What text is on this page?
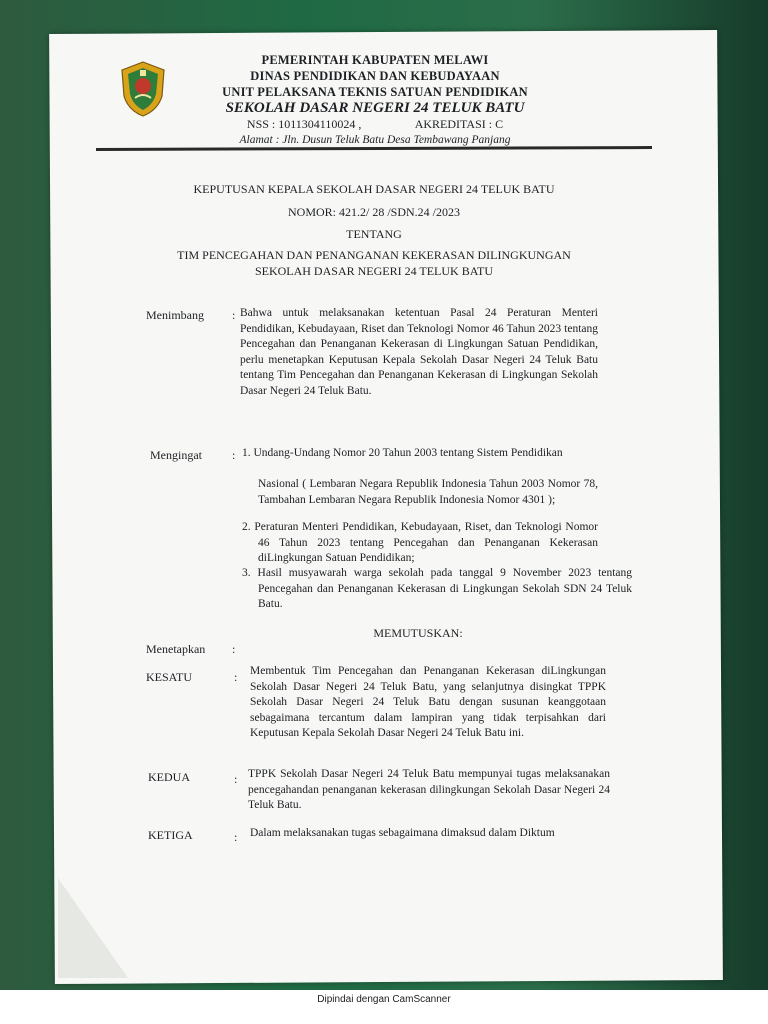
PEMERINTAH KABUPATEN MELAWI
DINAS PENDIDIKAN DAN KEBUDAYAAN
UNIT PELAKSANA TEKNIS SATUAN PENDIDIKAN
SEKOLAH DASAR NEGERI 24 TELUK BATU
NSS : 1011304110024 ,	AKREDITASI : C
Alamat : Jln. Dusun Teluk Batu Desa Tembawang Panjang
KEPUTUSAN KEPALA SEKOLAH DASAR NEGERI 24 TELUK BATU
NOMOR: 421.2/ 28 /SDN.24 /2023
TENTANG
TIM PENCEGAHAN DAN PENANGANAN KEKERASAN DILINGKUNGAN
SEKOLAH DASAR NEGERI 24 TELUK BATU
Menimbang : Bahwa untuk melaksanakan ketentuan Pasal 24 Peraturan Menteri Pendidikan, Kebudayaan, Riset dan Teknologi Nomor 46 Tahun 2023 tentang Pencegahan dan Penanganan Kekerasan di Lingkungan Satuan Pendidikan, perlu menetapkan Keputusan Kepala Sekolah Dasar Negeri 24 Teluk Batu tentang Tim Pencegahan dan Penanganan Kekerasan di Lingkungan Sekolah Dasar Negeri 24 Teluk Batu.
Mengingat	: 1. Undang-Undang Nomor 20 Tahun 2003 tentang Sistem Pendidikan
Nasional ( Lembaran Negara Republik Indonesia Tahun 2003 Nomor 78, Tambahan Lembaran Negara Republik Indonesia Nomor 4301 );

2. Peraturan Menteri Pendidikan, Kebudayaan, Riset, dan Teknologi Nomor 46 Tahun 2023 tentang Pencegahan dan Penanganan Kekerasan diLingkungan Satuan Pendidikan;

3. Hasil musyawarah warga sekolah pada tanggal 9 November 2023 tentang Pencegahan dan Penanganan Kekerasan di Lingkungan Sekolah SDN 24 Teluk Batu.

MEMUTUSKAN:
Menetapkan :
KESATU	: Membentuk Tim Pencegahan dan Penanganan Kekerasan diLingkungan Sekolah Dasar Negeri 24 Teluk Batu, yang selanjutnya disingkat TPPK Sekolah Dasar Negeri 24 Teluk Batu dengan susunan keanggotaan sebagaimana tercantum dalam lampiran yang tidak terpisahkan dari Keputusan Kepala Sekolah Dasar Negeri 24 Teluk Batu ini.
KEDUA	: TPPK Sekolah Dasar Negeri 24 Teluk Batu mempunyai tugas melaksanakan pencegahandan penanganan kekerasan dilingkungan Sekolah Dasar Negeri 24 Teluk Batu.
KETIGA	: Dalam melaksanakan tugas sebagaimana dimaksud dalam Diktum
Dipindai dengan CamScanner
